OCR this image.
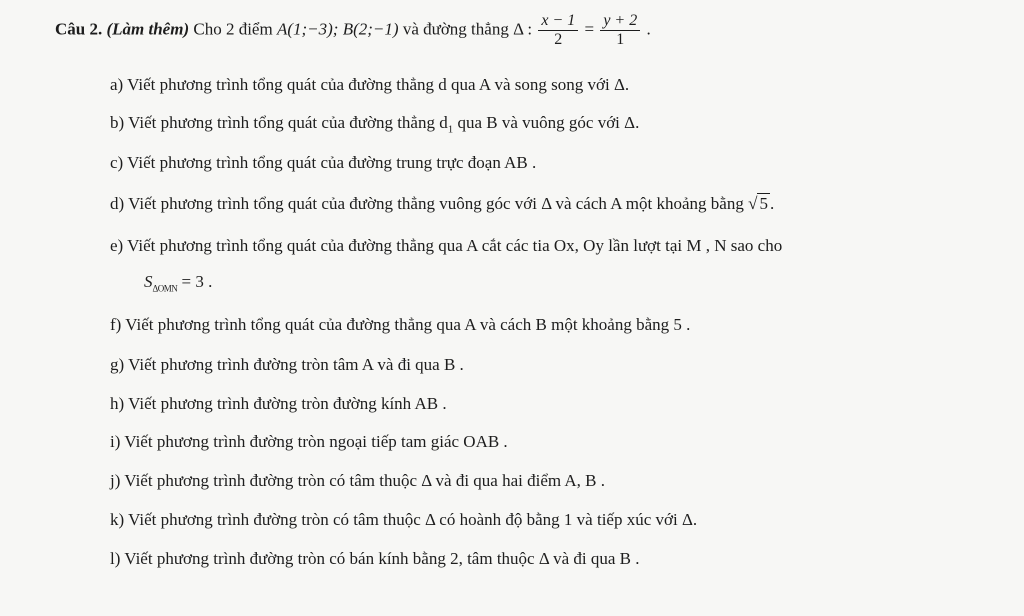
Câu 2. (Làm thêm) Cho 2 điểm A(1;−3); B(2;−1) và đường thẳng Δ : $\frac{x - 1}{2} = \frac{y + 2}{1}$ .
a) Viết phương trình tổng quát của đường thẳng d qua A và song song với Δ.
b) Viết phương trình tổng quát của đường thẳng $d_1$ qua B và vuông góc với Δ.
c) Viết phương trình tổng quát của đường trung trực đoạn AB .
d) Viết phương trình tổng quát của đường thẳng vuông góc với Δ và cách A một khoảng bằng √ 5 .
e) Viết phương trình tổng quát của đường thẳng qua A cắt các tia Ox, Oy lần lượt tại M , N sao cho
$S_{\Delta OMN} = 3$ .
f) Viết phương trình tổng quát của đường thẳng qua A và cách B một khoảng bằng 5 .
g) Viết phương trình đường tròn tâm A và đi qua B .
h) Viết phương trình đường tròn đường kính AB .
i) Viết phương trình đường tròn ngoại tiếp tam giác OAB .
j) Viết phương trình đường tròn có tâm thuộc Δ và đi qua hai điểm A, B .
k) Viết phương trình đường tròn có tâm thuộc Δ có hoành độ bằng 1 và tiếp xúc với Δ.
l) Viết phương trình đường tròn có bán kính bằng 2, tâm thuộc Δ và đi qua B .
